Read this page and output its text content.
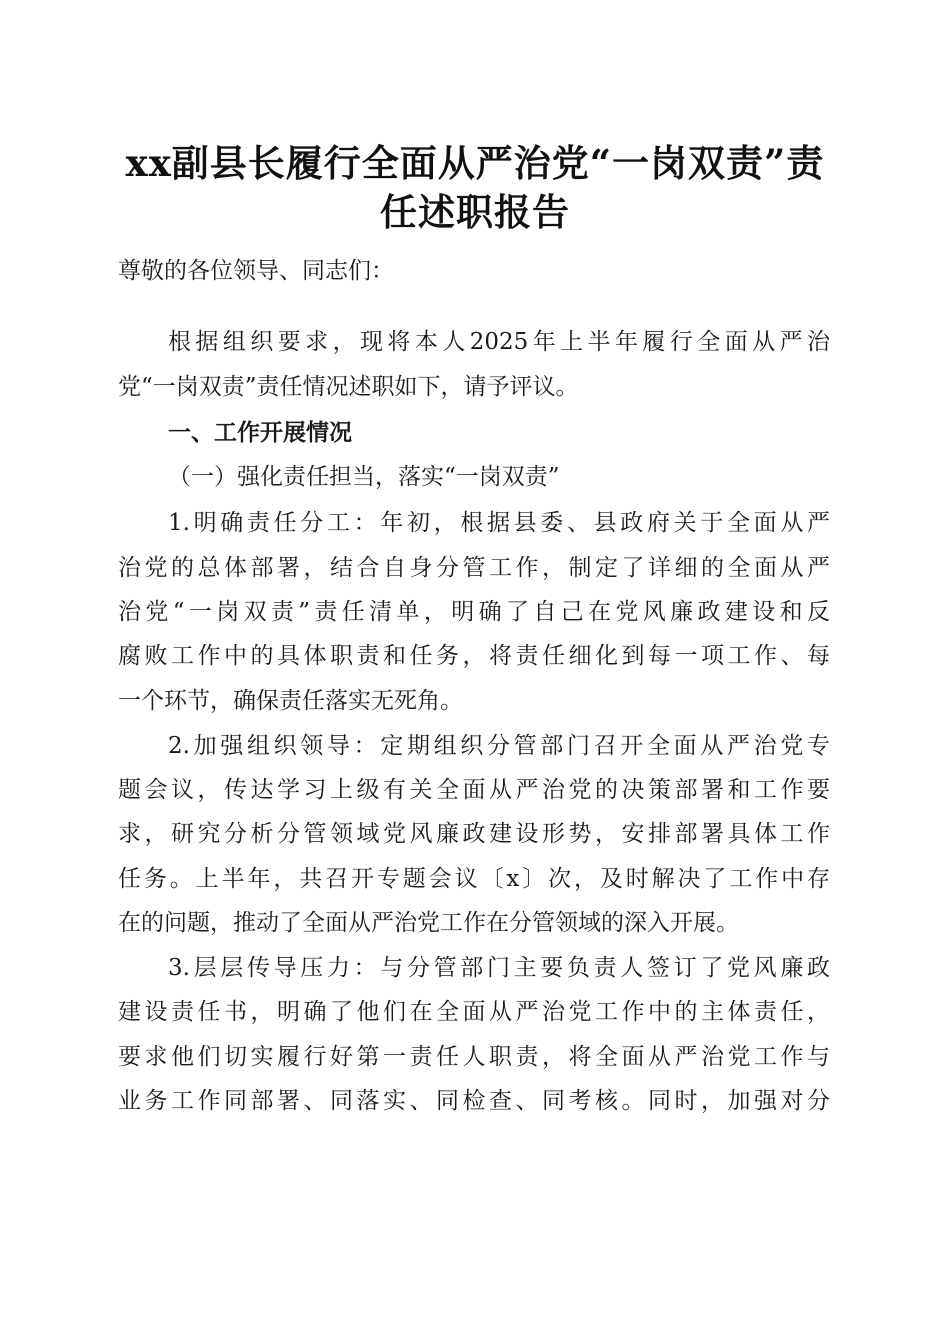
xx副县长履行全面从严治党“一岗双责”责
任述职报告
尊敬的各位领导、同志们：
根据组织要求，现将本人2025年上半年履行全面从严治
党“一岗双责”责任情况述职如下，请予评议。
一、工作开展情况
（一）强化责任担当，落实“一岗双责”
1.明确责任分工：年初，根据县委、县政府关于全面从严
治党的总体部署，结合自身分管工作，制定了详细的全面从严
治党“一岗双责”责任清单，明确了自己在党风廉政建设和反
腐败工作中的具体职责和任务，将责任细化到每一项工作、每
一个环节，确保责任落实无死角。
2.加强组织领导：定期组织分管部门召开全面从严治党专
题会议，传达学习上级有关全面从严治党的决策部署和工作要
求，研究分析分管领域党风廉政建设形势，安排部署具体工作
任务。上半年，共召开专题会议〔x〕次，及时解决了工作中存
在的问题，推动了全面从严治党工作在分管领域的深入开展。
3.层层传导压力：与分管部门主要负责人签订了党风廉政
建设责任书，明确了他们在全面从严治党工作中的主体责任，
要求他们切实履行好第一责任人职责，将全面从严治党工作与
业务工作同部署、同落实、同检查、同考核。同时，加强对分
